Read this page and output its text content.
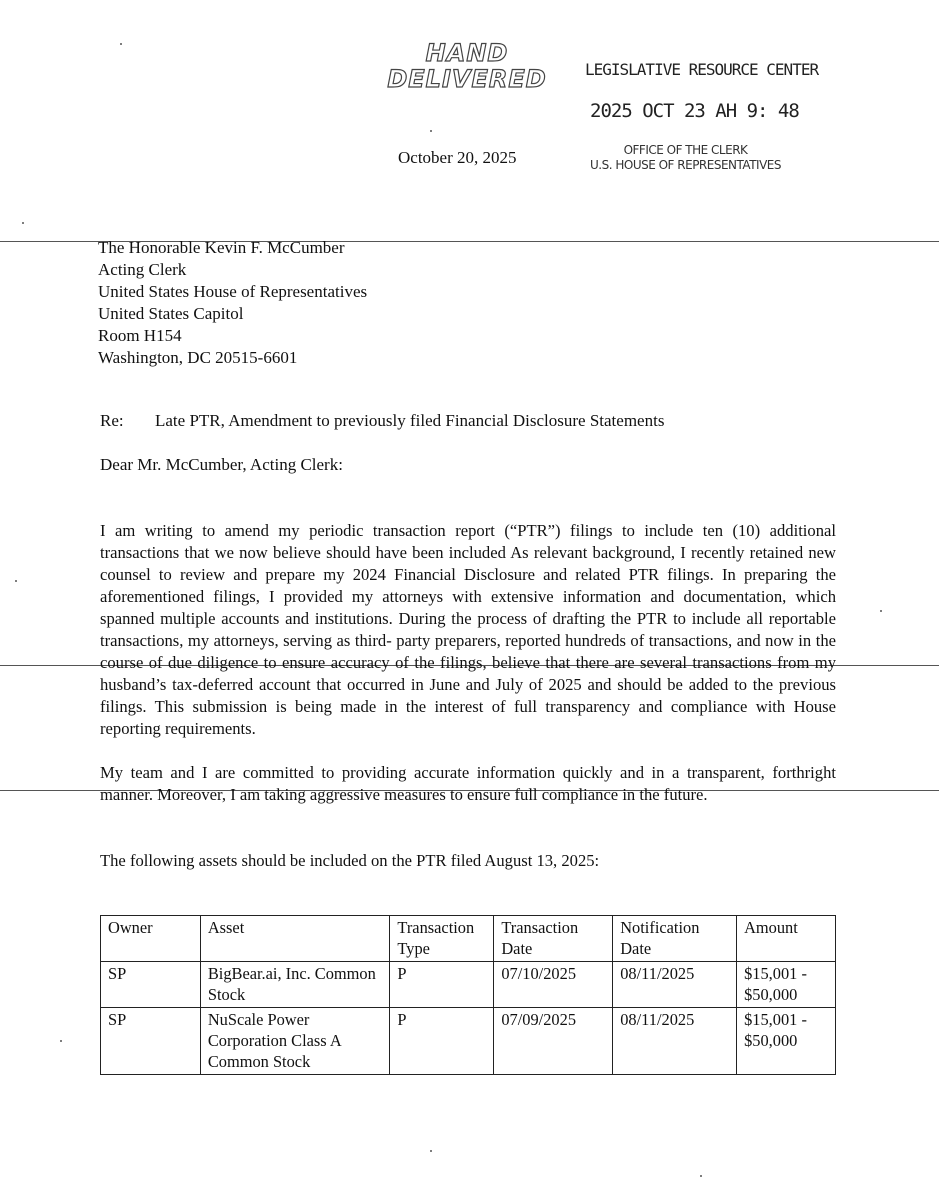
HAND
DELIVERED	LEGISLATIVE RESOURCE CENTER
2025 OCT 23 AH 9: 48
OFFICE OF THE CLERK
U.S. HOUSE OF REPRESENTATIVES
October 20, 2025
The Honorable Kevin F. McCumber
Acting Clerk
United States House of Representatives
United States Capitol
Room H154
Washington, DC 20515-6601
Re: Late PTR, Amendment to previously filed Financial Disclosure Statements
Dear Mr. McCumber, Acting Clerk:
I am writing to amend my periodic transaction report (“PTR”) filings to include ten (10) additional transactions that we now believe should have been included As relevant background, I recently retained new counsel to review and prepare my 2024 Financial Disclosure and related PTR filings. In preparing the aforementioned filings, I provided my attorneys with extensive information and documentation, which spanned multiple accounts and institutions. During the process of drafting the PTR to include all reportable transactions, my attorneys, serving as third- party preparers, reported hundreds of transactions, and now in the course of due diligence to ensure accuracy of the filings, believe that there are several transactions from my husband’s tax-deferred account that occurred in June and July of 2025 and should be added to the previous filings. This submission is being made in the interest of full transparency and compliance with House reporting requirements.
My team and I are committed to providing accurate information quickly and in a transparent, forthright manner. Moreover, I am taking aggressive measures to ensure full compliance in the future.
The following assets should be included on the PTR filed August 13, 2025:
Owner	Asset	Transaction Type	Transaction Date	Notification Date	Amount
SP	BigBear.ai, Inc. Common Stock	P	07/10/2025	08/11/2025	$15,001 - $50,000
SP	NuScale Power Corporation Class A Common Stock	P	07/09/2025	08/11/2025	$15,001 - $50,000
